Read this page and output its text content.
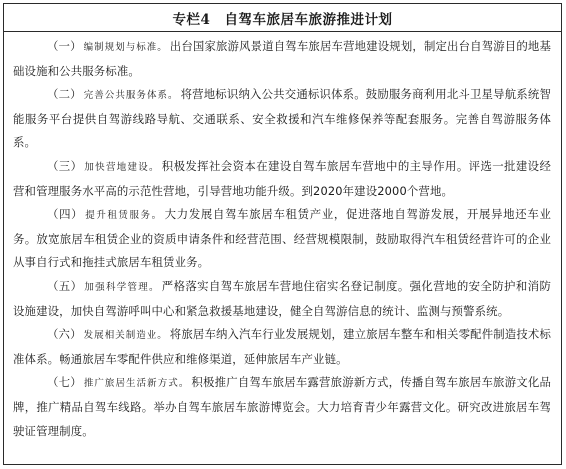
专栏4　自驾车旅居车旅游推进计划

（一） 编制规划与标准。 出台国家旅游风景道自驾车旅居车营地建设规划，制定出台自驾游目的地基础设施和公共服务标准。

（二） 完善公共服务体系。 将营地标识纳入公共交通标识体系。鼓励服务商利用北斗卫星导航系统智能服务平台提供自驾游线路导航、交通联系、安全救援和汽车维修保养等配套服务。完善自驾游服务体系。

（三） 加快营地建设。 积极发挥社会资本在建设自驾车旅居车营地中的主导作用。评选一批建设经营和管理服务水平高的示范性营地，引导营地功能升级。到2020年建设2000个营地。

（四） 提升租赁服务。 大力发展自驾车旅居车租赁产业，促进落地自驾游发展，开展异地还车业务。放宽旅居车租赁企业的资质申请条件和经营范围、经营规模限制，鼓励取得汽车租赁经营许可的企业从事自行式和拖挂式旅居车租赁业务。

（五） 加强科学管理。 严格落实自驾车旅居车营地住宿实名登记制度。强化营地的安全防护和消防设施建设，加快自驾游呼叫中心和紧急救援基地建设，健全自驾游信息的统计、监测与预警系统。

（六） 发展相关制造业。 将旅居车纳入汽车行业发展规划，建立旅居车整车和相关零配件制造技术标准体系。畅通旅居车零配件供应和维修渠道，延伸旅居车产业链。

（七） 推广旅居生活新方式。 积极推广自驾车旅居车露营旅游新方式，传播自驾车旅居车旅游文化品牌，推广精品自驾车线路。举办自驾车旅居车旅游博览会。大力培育青少年露营文化。研究改进旅居车驾驶证管理制度。
